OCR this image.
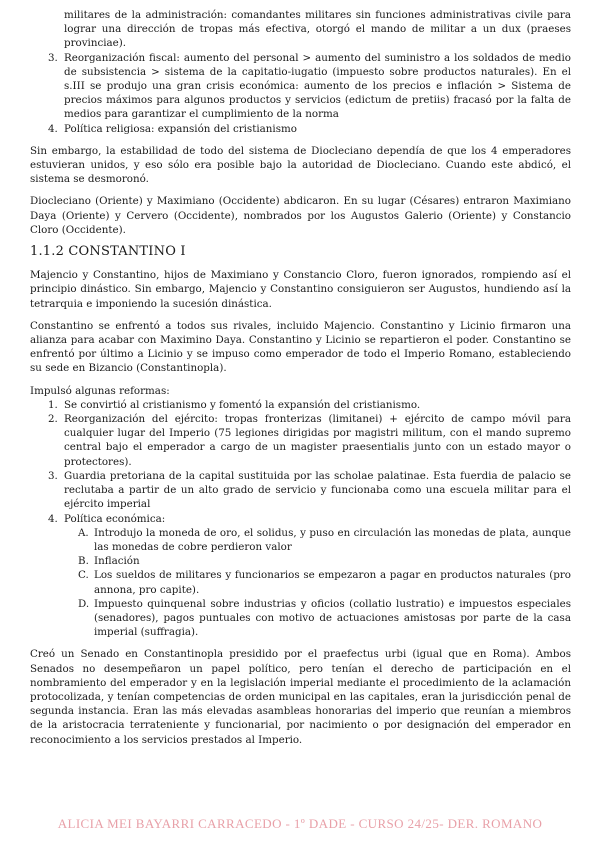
militares de la administración: comandantes militares sin funciones administrativas civile para lograr una dirección de tropas más efectiva, otorgó el mando de militar a un dux (praeses provinciae).

3. Reorganización fiscal: aumento del personal > aumento del suministro a los soldados de medio de subsistencia > sistema de la capitatio-iugatio (impuesto sobre productos naturales). En el s.III se produjo una gran crisis económica: aumento de los precios e inflación > Sistema de precios máximos para algunos productos y servicios (edictum de pretiis) fracasó por la falta de medios para garantizar el cumplimiento de la norma
4. Política religiosa: expansión del cristianismo

Sin embargo, la estabilidad de todo del sistema de Diocleciano dependía de que los 4 emperadores estuvieran unidos, y eso sólo era posible bajo la autoridad de Diocleciano. Cuando este abdicó, el sistema se desmoronó.

Diocleciano (Oriente) y Maximiano (Occidente) abdicaron. En su lugar (Césares) entraron Maximiano Daya (Oriente) y Cervero (Occidente), nombrados por los Augustos Galerio (Oriente) y Constancio Cloro (Occidente).

1.1.2 CONSTANTINO I

Majencio y Constantino, hijos de Maximiano y Constancio Cloro, fueron ignorados, rompiendo así el principio dinástico. Sin embargo, Majencio y Constantino consiguieron ser Augustos, hundiendo así la tetrarquia e imponiendo la sucesión dinástica.

Constantino se enfrentó a todos sus rivales, incluido Majencio. Constantino y Licinio firmaron una alianza para acabar con Maximino Daya. Constantino y Licinio se repartieron el poder. Constantino se enfrentó por último a Licinio y se impuso como emperador de todo el Imperio Romano, estableciendo su sede en Bizancio (Constantinopla).

Impulsó algunas reformas:

1. Se convirtió al cristianismo y fomentó la expansión del cristianismo.
2. Reorganización del ejército: tropas fronterizas (limitanei) + ejército de campo móvil para cualquier lugar del Imperio (75 legiones dirigidas por magistri militum, con el mando supremo central bajo el emperador a cargo de un magister praesentialis junto con un estado mayor o protectores).
3. Guardia pretoriana de la capital sustituida por las scholae palatinae. Esta fuerdia de palacio se reclutaba a partir de un alto grado de servicio y funcionaba como una escuela militar para el ejército imperial
4. Política económica:
A. Introdujo la moneda de oro, el solidus, y puso en circulación las monedas de plata, aunque las monedas de cobre perdieron valor
B. Inflación
C. Los sueldos de militares y funcionarios se empezaron a pagar en productos naturales (pro annona, pro capite).
D. Impuesto quinquenal sobre industrias y oficios (collatio lustratio) e impuestos especiales (senadores), pagos puntuales con motivo de actuaciones amistosas por parte de la casa imperial (suffragia).

Creó un Senado en Constantinopla presidido por el praefectus urbi (igual que en Roma). Ambos Senados no desempeñaron un papel político, pero tenían el derecho de participación en el nombramiento del emperador y en la legislación imperial mediante el procedimiento de la aclamación protocolizada, y tenían competencias de orden municipal en las capitales, eran la jurisdicción penal de segunda instancia. Eran las más elevadas asambleas honorarias del imperio que reunían a miembros de la aristocracia terrateniente y funcionarial, por nacimiento o por designación del emperador en reconocimiento a los servicios prestados al Imperio.

ALICIA MEI BAYARRI CARRACEDO - 1º DADE - CURSO 24/25- DER. ROMANO
